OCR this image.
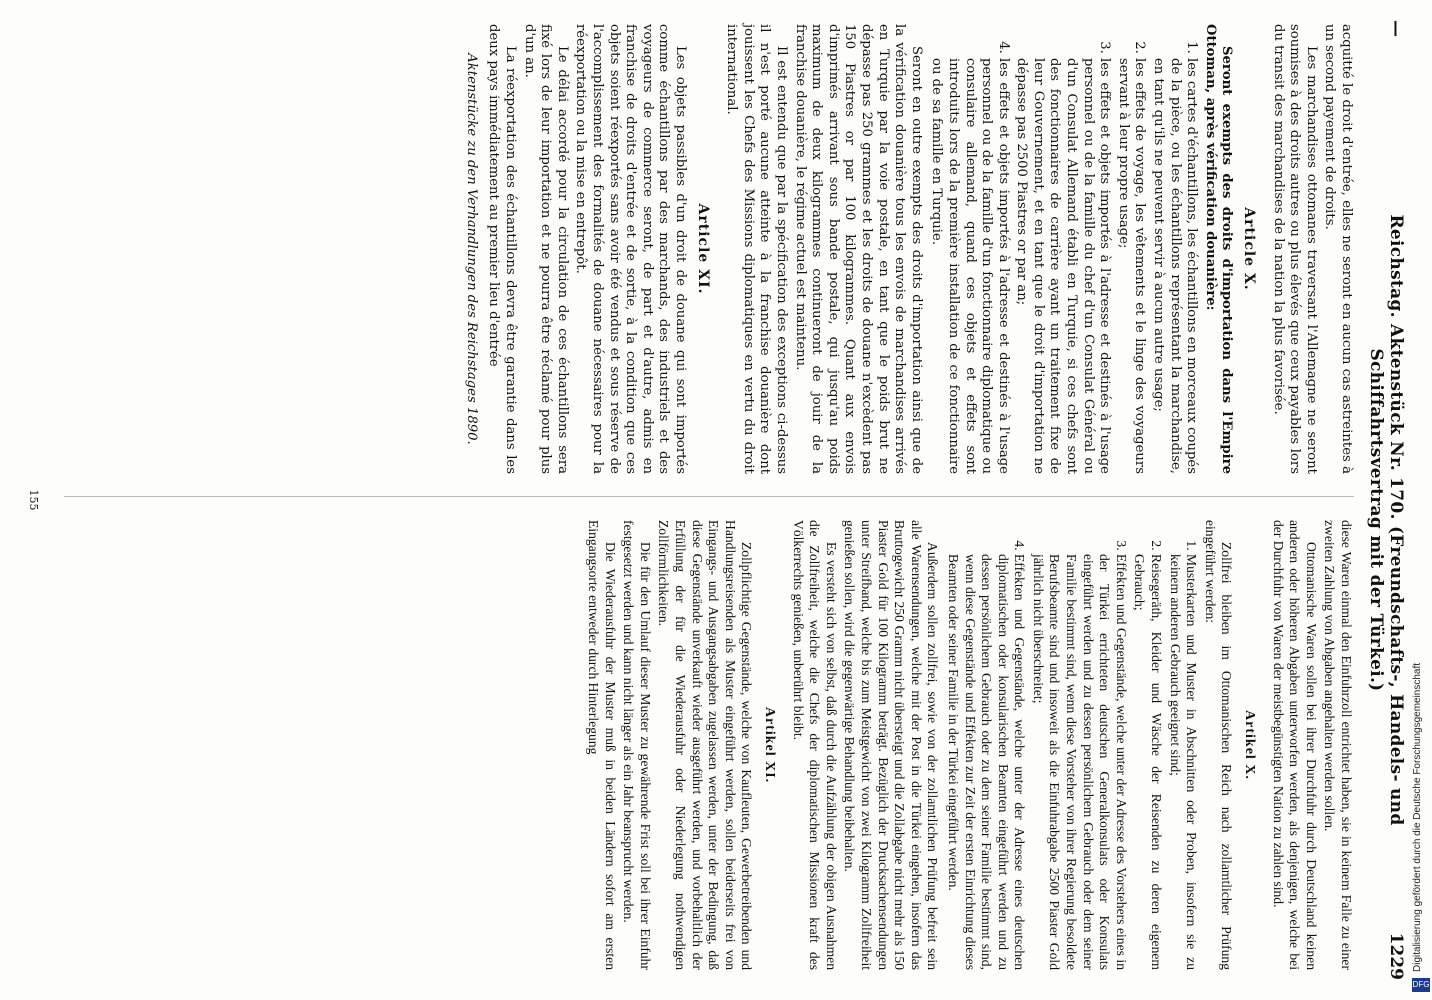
—
Reichstag. Aktenstück Nr. 170. (Freundschafts-, Handels- und Schiffahrtsvertrag mit der Türkei.)
1229

acquitté le droit d'entrée, elles ne seront en aucun cas astreintes à un second payement de droits.

Les marchandises ottomanes traversant l'Allemagne ne seront soumises à des droits autres ou plus élevés que ceux payables lors du transit des marchandises de la nation la plus favorisée.

Article X.

Seront exempts des droits d'importation dans l'Empire Ottoman, après vérification douanière:

1. les cartes d'échantillons, les échantillons en morceaux coupés de la pièce, ou les échantillons représentant la marchandise, en tant qu'ils ne peuvent servir à aucun autre usage;
2. les effets de voyage, les vêtements et le linge des voyageurs servant à leur propre usage;
3. les effets et objets importés à l'adresse et destinés à l'usage personnel ou de la famille du chef d'un Consulat Général ou d'un Consulat Allemand établi en Turquie, si ces chefs sont des fonctionnaires de carrière ayant un traitement fixe de leur Gouvernement, et en tant que le droit d'importation ne dépasse pas 2500 Piastres or par an;
4. les effets et objets importés à l'adresse et destinés à l'usage personnel ou de la famille d'un fonctionnaire diplomatique ou consulaire allemand, quand ces objets et effets sont introduits lors de la première installation de ce fonctionnaire ou de sa famille en Turquie.

Seront en outre exempts des droits d'importation ainsi que de la vérification douanière tous les envois de marchandises arrivés en Turquie par la voie postale, en tant que le poids brut ne dépasse pas 250 grammes et les droits de douane n'excèdent pas 150 Piastres or par 100 kilogrammes. Quant aux envois d'imprimés arrivant sous bande postale, qui jusqu'au poids maximum de deux kilogrammes continueront de jouir de la franchise douanière, le régime actuel est maintenu.

Il est entendu que par la spécification des exceptions ci-dessus il n'est porté aucune atteinte à la franchise douanière dont jouissent les Chefs des Missions diplomatiques en vertu du droit international.

Article XI.

Les objets passibles d'un droit de douane qui sont importés comme échantillons par des marchands, des industriels et des voyageurs de commerce seront, de part et d'autre, admis en franchise de droits d'entrée et de sortie, à la condition que ces objets soient réexportés sans avoir été vendus et sous réserve de l'accomplissement des formalités de douane nécessaires pour la réexportation ou la mise en entrepôt.

Le délai accordé pour la circulation de ces échantillons sera fixé lors de leur importation et ne pourra être réclamé pour plus d'un an.

La réexportation des échantillons devra être garantie dans les deux pays immédiatement au premier lieu d'entrée

Aktenstücke zu den Verhandlungen des Reichstages 1890.

diese Waren einmal den Einfuhrzoll entrichtet haben, sie in keinem Falle zu einer zweiten Zahlung von Abgaben angehalten werden sollen.

Ottomanische Waren sollen bei ihrer Durchfuhr durch Deutschland keinen anderen oder höheren Abgaben unterworfen werden, als denjenigen, welche bei der Durchfuhr von Waren der meistbegünstigten Nation zu zahlen sind.

Artikel X.

Zollfrei bleiben im Ottomanischen Reich nach zollamtlicher Prüfung eingeführt werden:

1. Musterkarten und Muster in Abschnitten oder Proben, insofern sie zu keinem anderen Gebrauch geeignet sind;
2. Reisegeräth, Kleider und Wäsche der Reisenden zu deren eigenem Gebrauch;
3. Effekten und Gegenstände, welche unter der Adresse des Vorstehers eines in der Türkei errichteten deutschen Generalkonsulats oder Konsulats eingeführt werden und zu dessen persönlichem Gebrauch oder dem seiner Familie bestimmt sind, wenn diese Vorsteher von ihrer Regierung besoldete Berufsbeamte sind und insoweit als die Einfuhrabgabe 2500 Piaster Gold jährlich nicht überschreitet;
4. Effekten und Gegenstände, welche unter der Adresse eines deutschen diplomatischen oder konsularischen Beamten eingeführt werden und zu dessen persönlichem Gebrauch oder zu dem seiner Familie bestimmt sind, wenn diese Gegenstände und Effekten zur Zeit der ersten Einrichtung dieses Beamten oder seiner Familie in der Türkei eingeführt werden.

Außerdem sollen zollfrei, sowie von der zollamtlichen Prüfung befreit sein alle Warensendungen, welche mit der Post in die Türkei eingehen, insofern das Bruttogewicht 250 Gramm nicht übersteigt und die Zollabgabe nicht mehr als 150 Piaster Gold für 100 Kilogramm beträgt. Bezüglich der Drucksachensendungen unter Streifband, welche bis zum Meistgewicht von zwei Kilogramm Zollfreiheit genießen sollen, wird die gegenwärtige Behandlung beibehalten.

Es versteht sich von selbst, daß durch die Aufzählung der obigen Ausnahmen die Zollfreiheit, welche die Chefs der diplomatischen Missionen kraft des Völkerrechts genießen, unberührt bleibt.

Artikel XI.

Zollpflichtige Gegenstände, welche von Kaufleuten, Gewerbetreibenden und Handlungsreisenden als Muster eingeführt werden, sollen beiderseits frei von Eingangs- und Ausgangsabgaben zugelassen werden, unter der Bedingung, daß diese Gegenstände unverkauft wieder ausgeführt werden, und vorbehaltlich der Erfüllung der für die Wiederausfuhr oder Niederlegung nothwendigen Zollförmlichkeiten.

Die für den Umlauf dieser Muster zu gewährende Frist soll bei ihrer Einfuhr festgesetzt werden und kann nicht länger als ein Jahr beansprucht werden.

Die Wiederausfuhr der Muster muß in beiden Ländern sofort am ersten Eingangsorte entweder durch Hinterlegung

155
Digitalisierung gefördert durch die Deutsche Forschungsgemeinschaft
DFG
